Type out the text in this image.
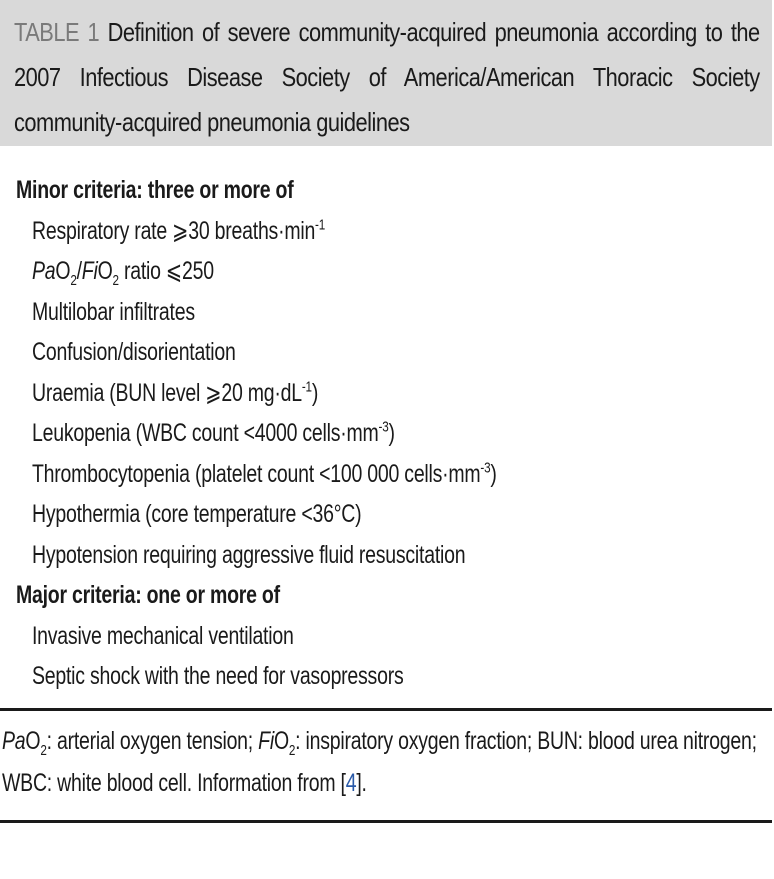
TABLE 1 Definition of severe community-acquired pneumonia according to the 2007 Infectious Disease Society of America/American Thoracic Society community-acquired pneumonia guidelines
Minor criteria: three or more of
Respiratory rate ⩾30 $breaths\cdot\min^{-1}$
PaO$_2$/FiO$_2$ ratio ⩽250
Multilobar infiltrates
Confusion/disorientation
Uraemia (BUN level ⩾20 $mg\cdot dL^{-1}$)
Leukopenia (WBC count <4000 $cells\cdot mm^{-3}$)
Thrombocytopenia (platelet count <100 000 $cells\cdot mm^{-3}$)
Hypothermia (core temperature <36°C)
Hypotension requiring aggressive fluid resuscitation
Major criteria: one or more of
Invasive mechanical ventilation
Septic shock with the need for vasopressors
PaO$_2$: arterial oxygen tension; FiO$_2$: inspiratory oxygen fraction; BUN: blood urea nitrogen; WBC: white blood cell. Information from [4].
